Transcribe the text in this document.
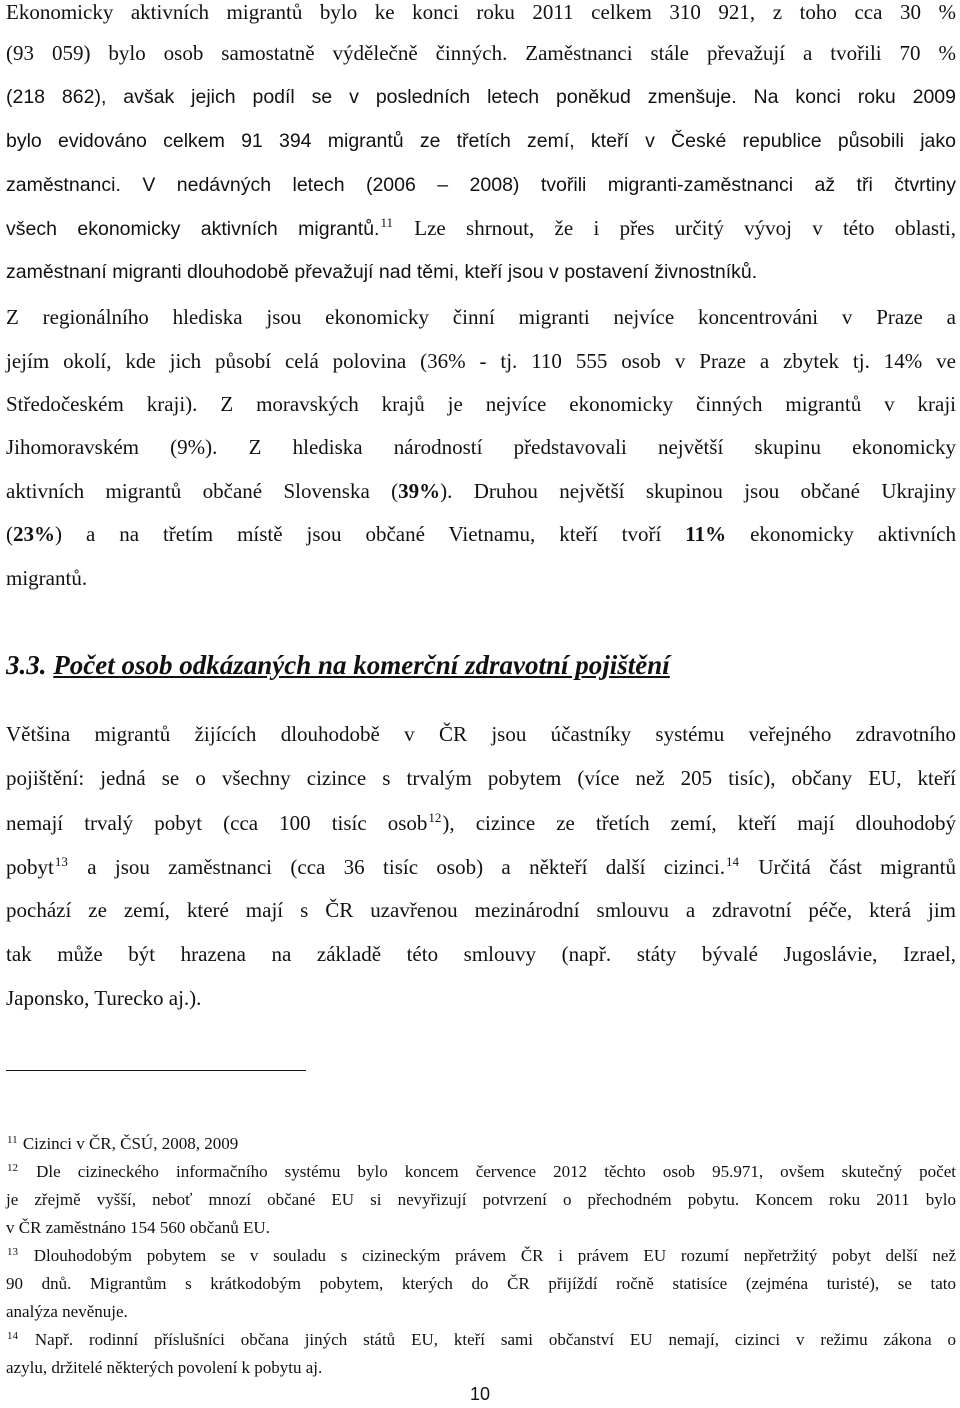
Ekonomicky aktivních migrantů bylo ke konci roku 2011 celkem 310 921, z toho cca 30 %
(93 059) bylo osob samostatně výdělečně činných. Zaměstnanci stále převažují a tvořili 70 %
(218 862), avšak jejich podíl se v posledních letech poněkud zmenšuje. Na konci roku 2009
bylo evidováno celkem 91 394 migrantů ze třetích zemí, kteří v České republice působili jako
zaměstnanci. V nedávných letech (2006 – 2008) tvořili migranti-zaměstnanci až tři čtvrtiny
všech ekonomicky aktivních migrantů.$^{11}$ Lze shrnout, že i přes určitý vývoj v této oblasti,
zaměstnaní migranti dlouhodobě převažují nad těmi, kteří jsou v postavení živnostníků.
Z regionálního hlediska jsou ekonomicky činní migranti nejvíce koncentrováni v Praze a
jejím okolí, kde jich působí celá polovina (36% - tj. 110 555 osob v Praze a zbytek tj. 14% ve
Středočeském kraji). Z moravských krajů je nejvíce ekonomicky činných migrantů v kraji
Jihomoravském (9%). Z hlediska národností představovali největší skupinu ekonomicky
aktivních migrantů občané Slovenska (39%). Druhou největší skupinou jsou občané Ukrajiny
(23%) a na třetím místě jsou občané Vietnamu, kteří tvoří 11% ekonomicky aktivních
migrantů.
3.3. Počet osob odkázaných na komerční zdravotní pojištění
Většina migrantů žijících dlouhodobě v ČR jsou účastníky systému veřejného zdravotního
pojištění: jedná se o všechny cizince s trvalým pobytem (více než 205 tisíc), občany EU, kteří
nemají trvalý pobyt (cca 100 tisíc osob$^{12}$), cizince ze třetích zemí, kteří mají dlouhodobý
pobyt$^{13}$ a jsou zaměstnanci (cca 36 tisíc osob) a někteří další cizinci.$^{14}$ Určitá část migrantů
pochází ze zemí, které mají s ČR uzavřenou mezinárodní smlouvu a zdravotní péče, která jim
tak může být hrazena na základě této smlouvy (např. státy bývalé Jugoslávie, Izrael,
Japonsko, Turecko aj.).
$^{11}$ Cizinci v ČR, ČSÚ, 2008, 2009
$^{12}$ Dle cizineckého informačního systému bylo koncem července 2012 těchto osob 95.971, ovšem skutečný počet
je zřejmě vyšší, neboť mnozí občané EU si nevyřizují potvrzení o přechodném pobytu. Koncem roku 2011 bylo
v ČR zaměstnáno 154 560 občanů EU.
$^{13}$ Dlouhodobým pobytem se v souladu s cizineckým právem ČR i právem EU rozumí nepřetržitý pobyt delší než
90 dnů. Migrantům s krátkodobým pobytem, kterých do ČR přijíždí ročně statisíce (zejména turisté), se tato
analýza nevěnuje.
$^{14}$ Např. rodinní příslušníci občana jiných států EU, kteří sami občanství EU nemají, cizinci v režimu zákona o
azylu, držitelé některých povolení k pobytu aj.
10
